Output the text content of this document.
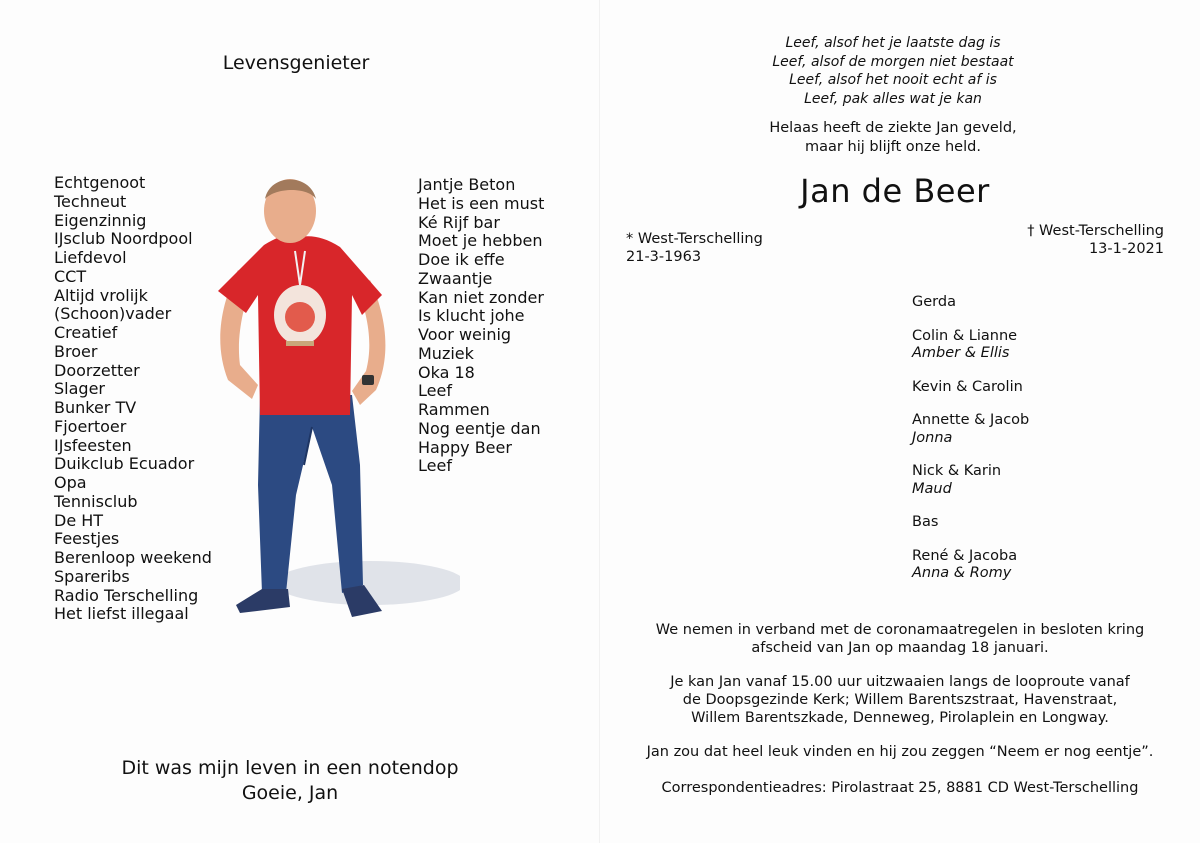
Levensgenieter
Echtgenoot
Techneut
Eigenzinnig
IJsclub Noordpool
Liefdevol
CCT
Altijd vrolijk
(Schoon)vader
Creatief
Broer
Doorzetter
Slager
Bunker TV
Fjoertoer
IJsfeesten
Duikclub Ecuador
Opa
Tennisclub
De HT
Feestjes
Berenloop weekend
Spareribs
Radio Terschelling
Het liefst illegaal
Jantje Beton
Het is een must
Ké Rijf bar
Moet je hebben
Doe ik effe
Zwaantje
Kan niet zonder
Is klucht johe
Voor weinig
Muziek
Oka 18
Leef
Rammen
Nog eentje dan
Happy Beer
Leef
Dit was mijn leven in een notendop
Goeie, Jan
Leef, alsof het je laatste dag is
Leef, alsof de morgen niet bestaat
Leef, alsof het nooit echt af is
Leef, pak alles wat je kan
Helaas heeft de ziekte Jan geveld,
maar hij blijft onze held.
Jan de Beer
* West-Terschelling
21-3-1963
† West-Terschelling
13-1-2021
Gerda
Colin & Lianne
Amber & Ellis
Kevin & Carolin
Annette & Jacob
Jonna
Nick & Karin
Maud
Bas
René & Jacoba
Anna & Romy
We nemen in verband met de coronamaatregelen in besloten kring
afscheid van Jan op maandag 18 januari.
Je kan Jan vanaf 15.00 uur uitzwaaien langs de looproute vanaf
de Doopsgezinde Kerk; Willem Barentszstraat, Havenstraat,
Willem Barentszkade, Denneweg, Pirolaplein en Longway.
Jan zou dat heel leuk vinden en hij zou zeggen “Neem er nog eentje”.
Correspondentieadres: Pirolastraat 25, 8881 CD West-Terschelling
